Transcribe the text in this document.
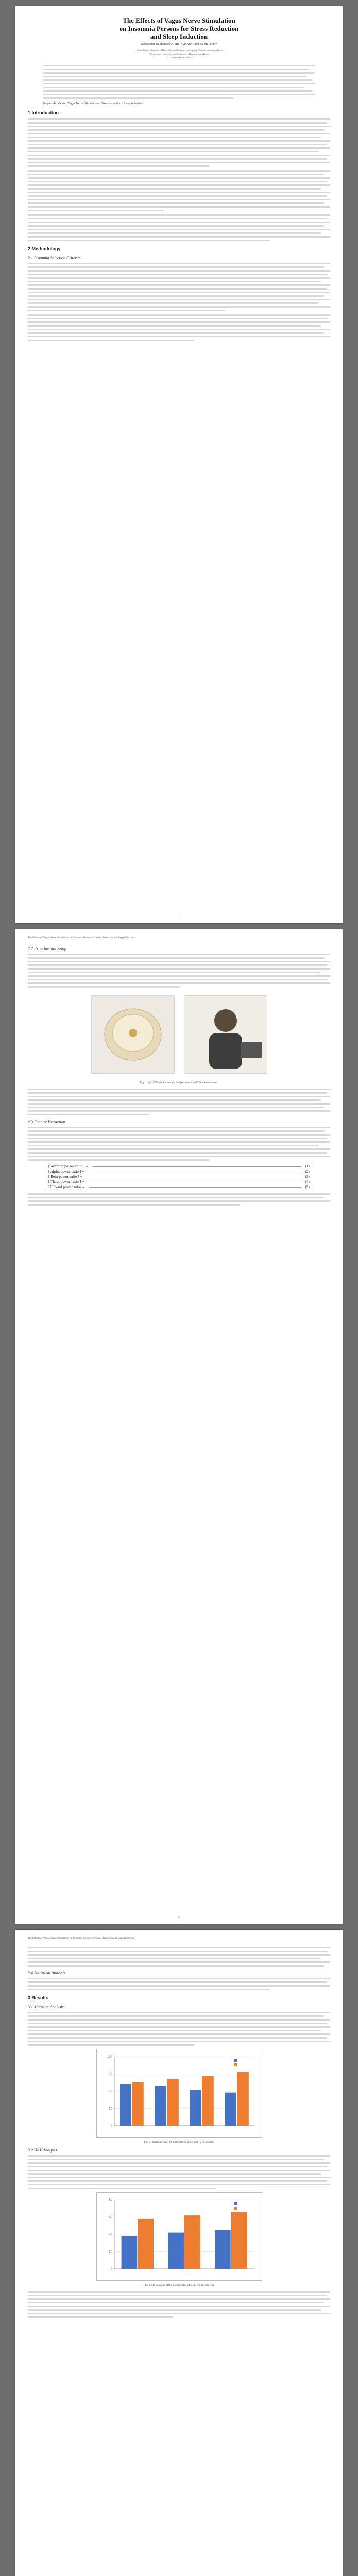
The Effects of Vagus Nerve Stimulation
on Insomnia Persons for Stress Reduction
and Sleep Induction
Kakhramon Rakhimboev¹, Min-Kyu Kim², and Ki-Jin Park¹²*
¹ Korea Research Institute of Hospitality and Tourism, Gyeongsang National University, Korea
² Department of Software and Technology, Hanyang Univ, Korea
* Correspondence author
Keywords: Vagus · Vagus Nerve Stimulation · Stress reduction · Sleep induction
1 Introduction
2 Methodology
2.1 Insomnia Selection Criteria
1
The Effects of Vagus Nerve Stimulation on Insomnia Persons for Stress Reduction and Sleep Induction
2.2 Experimental Setup
Fig. 1. (a) tVNS device and (b) Subject with the tVNS measurement.
2.3 Feature Extraction
[ Average power ratio ] =	(1)
[ Alpha power ratio ] =	(2)
[ Beta power ratio ] =	(3)
[ Theta power ratio ] =	(4)
HF band power ratio =	(5)
2
The Effects of Vagus Nerve Stimulation on Insomnia Persons for Stress Reduction and Sleep Induction
2.4 Statistical Analysis
3 Results
3.1 Moisture Analysis
0
25
50
75
100
Fig. 2. Moisture level of during the fast test and tVNS device.
3.2 HRV Analysis
0
20
40
60
80
Fig. 3. HF data and alpha power value of EEG test results (%).
